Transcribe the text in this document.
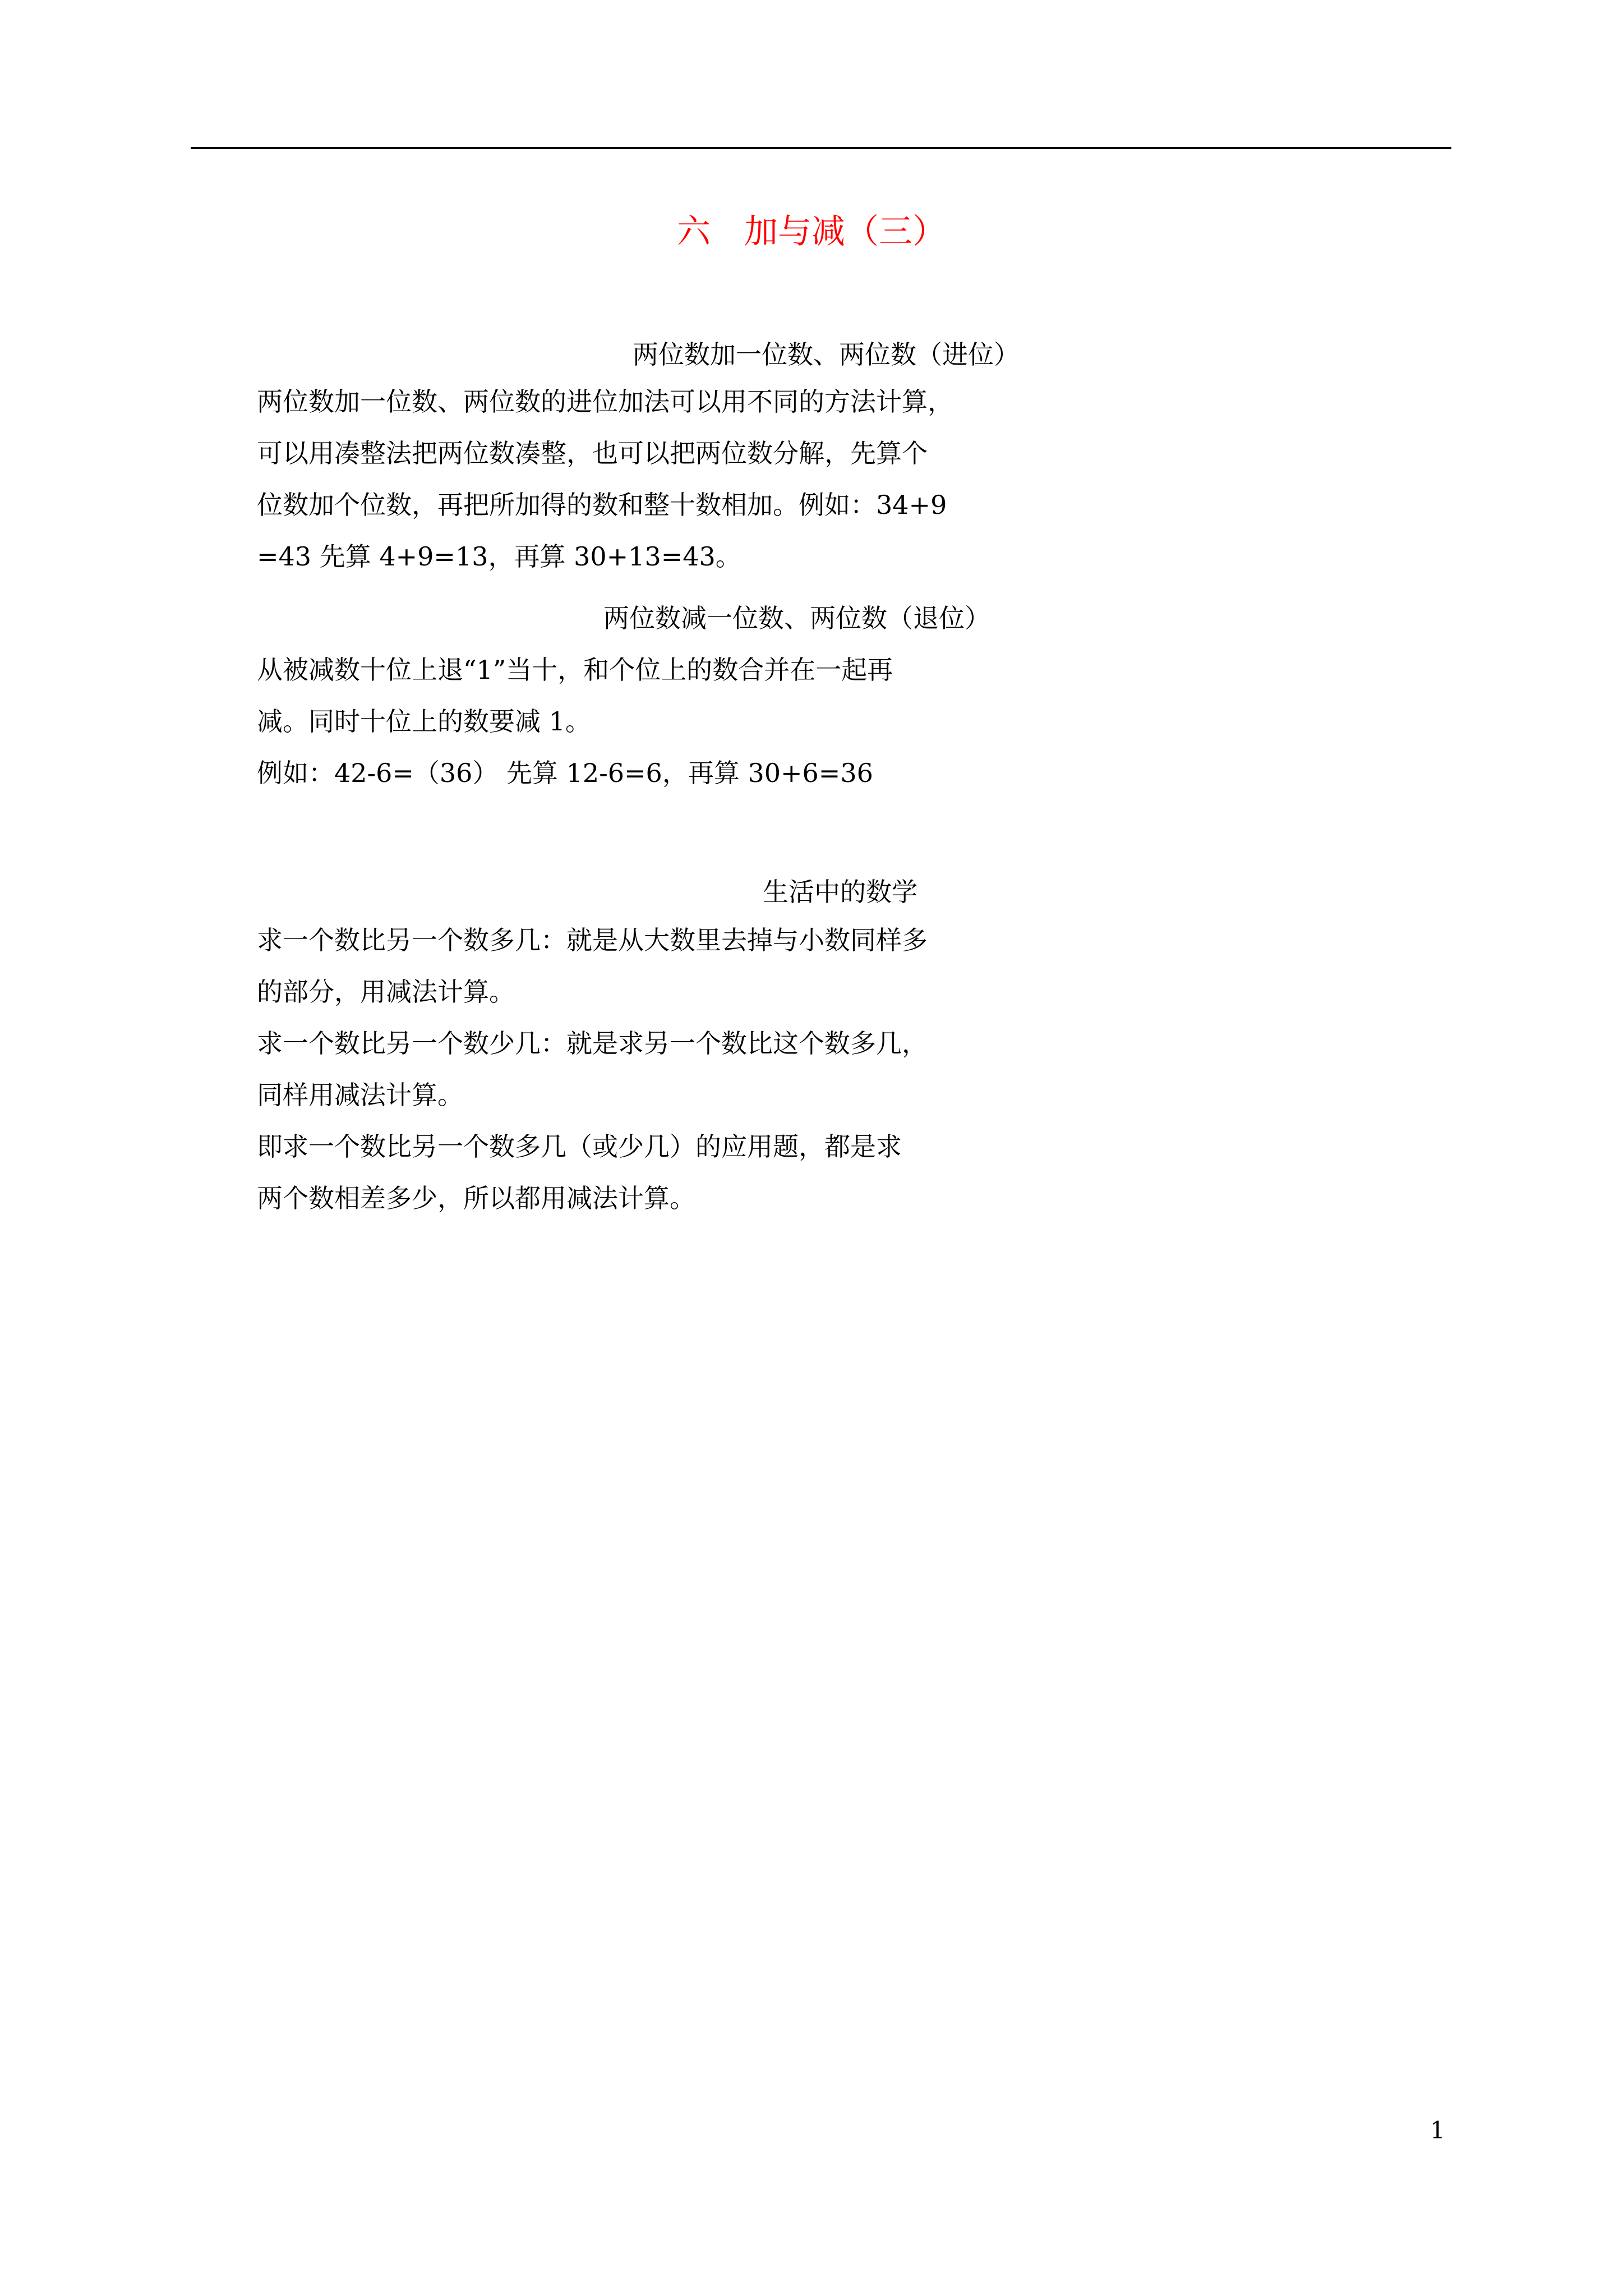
六　加与减（三）
两位数加一位数、两位数（进位）
两位数加一位数、两位数的进位加法可以用不同的方法计算，
可以用凑整法把两位数凑整，也可以把两位数分解，先算个
位数加个位数，再把所加得的数和整十数相加。例如：34+9
=43 先算 4+9=13，再算 30+13=43。
两位数减一位数、两位数（退位）
从被减数十位上退“1”当十，和个位上的数合并在一起再
减。同时十位上的数要减 1。
例如：42-6=（36） 先算 12-6=6，再算 30+6=36
生活中的数学
求一个数比另一个数多几：就是从大数里去掉与小数同样多
的部分，用减法计算。
求一个数比另一个数少几：就是求另一个数比这个数多几，
同样用减法计算。
即求一个数比另一个数多几（或少几）的应用题，都是求
两个数相差多少，所以都用减法计算。
1
